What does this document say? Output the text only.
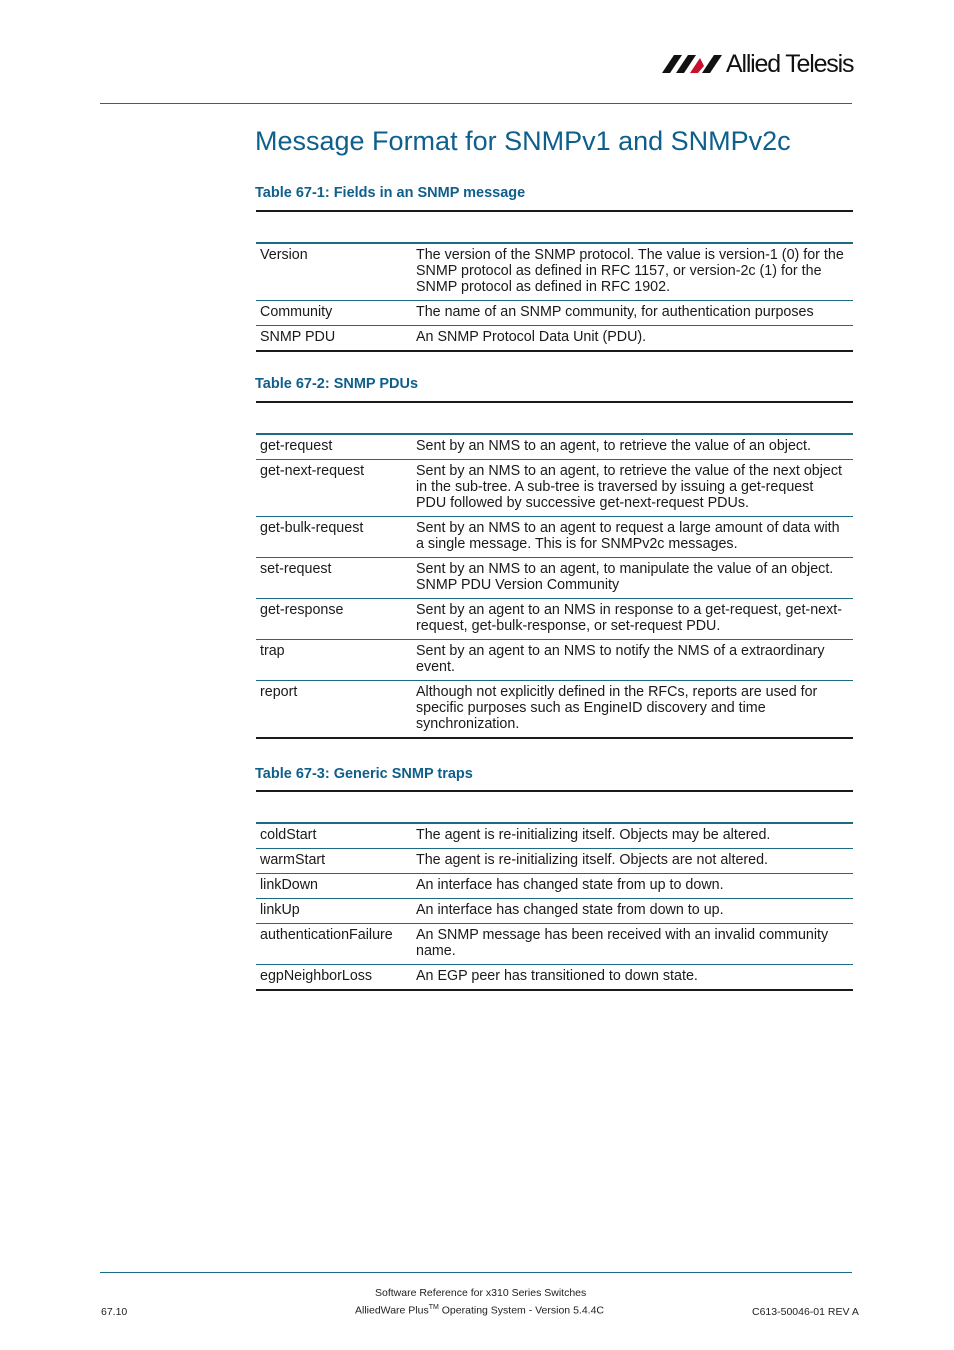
Allied Telesis
Message Format for SNMPv1 and SNMPv2c
Table 67-1: Fields in an SNMP message
Version	The version of the SNMP protocol. The value is version-1 (0) for the SNMP protocol as defined in RFC 1157, or version-2c (1) for the SNMP protocol as defined in RFC 1902.
Community	The name of an SNMP community, for authentication purposes
SNMP PDU	An SNMP Protocol Data Unit (PDU).
Table 67-2: SNMP PDUs
get-request	Sent by an NMS to an agent, to retrieve the value of an object.
get-next-request	Sent by an NMS to an agent, to retrieve the value of the next object in the sub-tree. A sub-tree is traversed by issuing a get-request PDU followed by successive get-next-request PDUs.
get-bulk-request	Sent by an NMS to an agent to request a large amount of data with a single message. This is for SNMPv2c messages.
set-request	Sent by an NMS to an agent, to manipulate the value of an object. SNMP PDU Version Community
get-response	Sent by an agent to an NMS in response to a get-request, get-next-request, get-bulk-response, or set-request PDU.
trap	Sent by an agent to an NMS to notify the NMS of a extraordinary event.
report	Although not explicitly defined in the RFCs, reports are used for specific purposes such as EngineID discovery and time synchronization.
Table 67-3: Generic SNMP traps
coldStart	The agent is re-initializing itself. Objects may be altered.
warmStart	The agent is re-initializing itself. Objects are not altered.
linkDown	An interface has changed state from up to down.
linkUp	An interface has changed state from down to up.
authenticationFailure	An SNMP message has been received with an invalid community name.
egpNeighborLoss	An EGP peer has transitioned to down state.
Software Reference for x310 Series Switches
67.10	AlliedWare Plus™ Operating System - Version 5.4.4C	C613-50046-01 REV A
